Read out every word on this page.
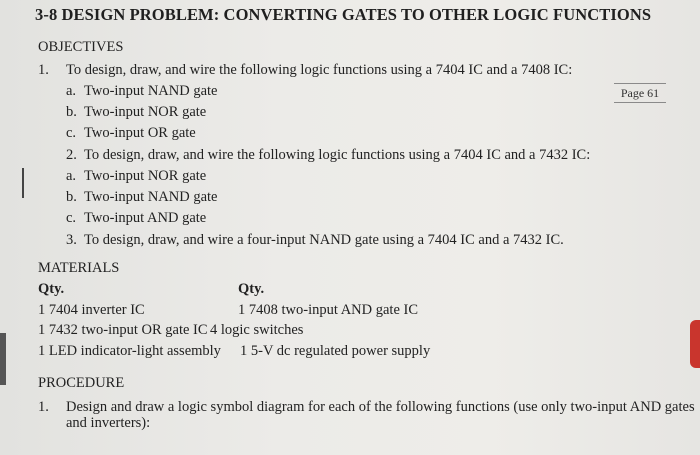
3-8 DESIGN PROBLEM: CONVERTING GATES TO OTHER LOGIC FUNCTIONS
Page 61
OBJECTIVES
1. To design, draw, and wire the following logic functions using a 7404 IC and a 7408 IC:
a. Two-input NAND gate
b. Two-input NOR gate
c. Two-input OR gate
2. To design, draw, and wire the following logic functions using a 7404 IC and a 7432 IC:
a. Two-input NOR gate
b. Two-input NAND gate
c. Two-input AND gate
3. To design, draw, and wire a four-input NAND gate using a 7404 IC and a 7432 IC.
MATERIALS
Qty.	Qty.
1 7404 inverter IC	1 7408 two-input AND gate IC
1 7432 two-input OR gate IC 4 logic switches
1 LED indicator-light assembly 1 5-V dc regulated power supply
PROCEDURE
1. Design and draw a logic symbol diagram for each of the following functions (use only two-input AND gates
and inverters):
